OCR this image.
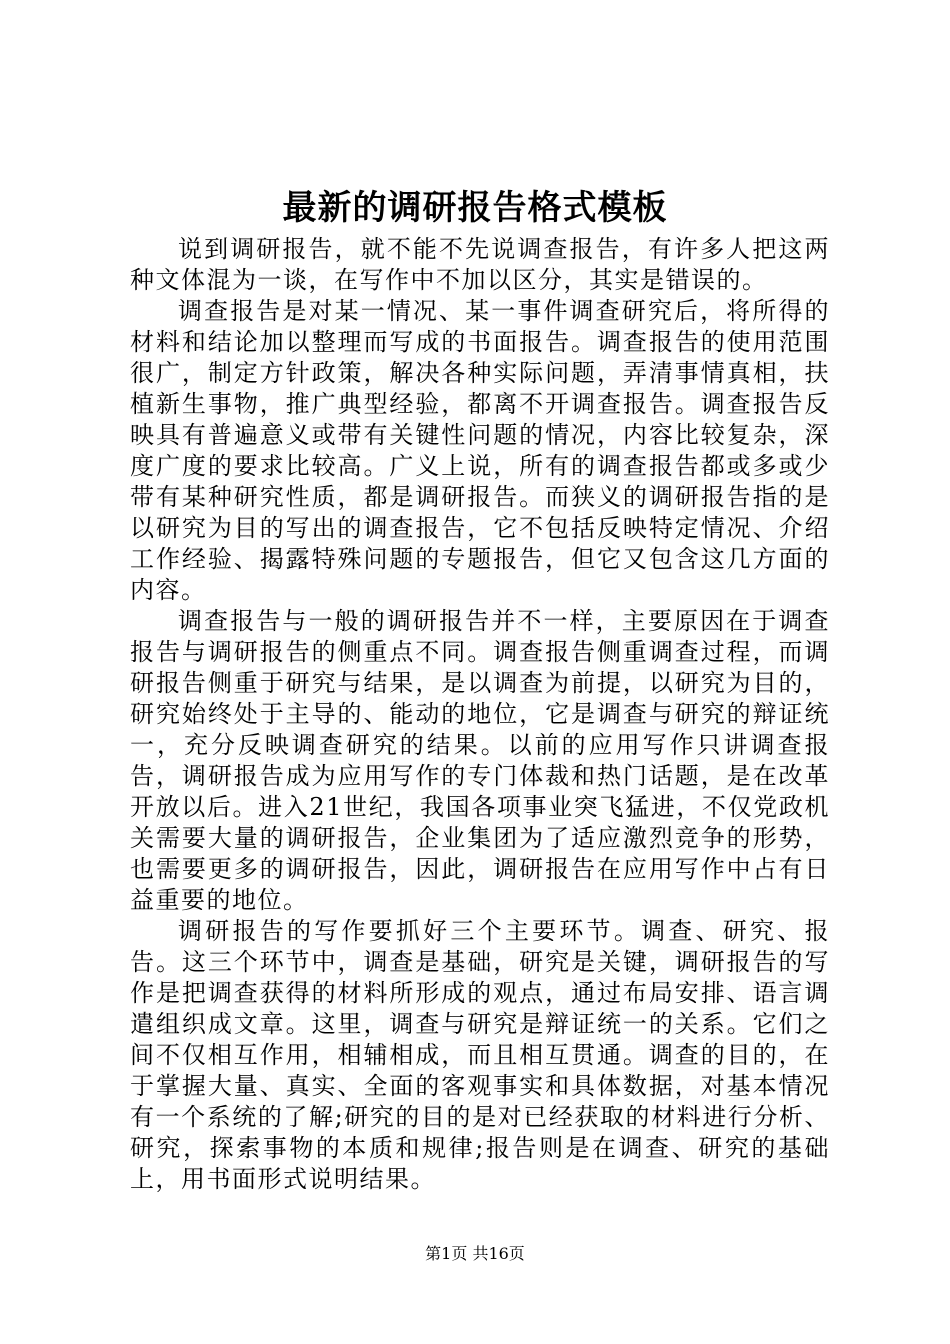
最新的调研报告格式模板

说到调研报告，就不能不先说调查报告，有许多人把这两种文体混为一谈，在写作中不加以区分，其实是错误的。

调查报告是对某一情况、某一事件调查研究后，将所得的材料和结论加以整理而写成的书面报告。调查报告的使用范围很广，制定方针政策，解决各种实际问题，弄清事情真相，扶植新生事物，推广典型经验，都离不开调查报告。调查报告反映具有普遍意义或带有关键性问题的情况，内容比较复杂，深度广度的要求比较高。广义上说，所有的调查报告都或多或少带有某种研究性质，都是调研报告。而狭义的调研报告指的是以研究为目的写出的调查报告，它不包括反映特定情况、介绍工作经验、揭露特殊问题的专题报告，但它又包含这几方面的内容。

调查报告与一般的调研报告并不一样，主要原因在于调查报告与调研报告的侧重点不同。调查报告侧重调查过程，而调研报告侧重于研究与结果，是以调查为前提，以研究为目的，研究始终处于主导的、能动的地位，它是调查与研究的辩证统一，充分反映调查研究的结果。以前的应用写作只讲调查报告，调研报告成为应用写作的专门体裁和热门话题，是在改革开放以后。进入21世纪，我国各项事业突飞猛进，不仅党政机关需要大量的调研报告，企业集团为了适应激烈竞争的形势，也需要更多的调研报告，因此，调研报告在应用写作中占有日益重要的地位。

调研报告的写作要抓好三个主要环节。调查、研究、报告。这三个环节中，调查是基础，研究是关键，调研报告的写作是把调查获得的材料所形成的观点，通过布局安排、语言调遣组织成文章。这里，调查与研究是辩证统一的关系。它们之间不仅相互作用，相辅相成，而且相互贯通。调查的目的，在于掌握大量、真实、全面的客观事实和具体数据，对基本情况有一个系统的了解;研究的目的是对已经获取的材料进行分析、研究，探索事物的本质和规律;报告则是在调查、研究的基础上，用书面形式说明结果。

第1页 共16页
